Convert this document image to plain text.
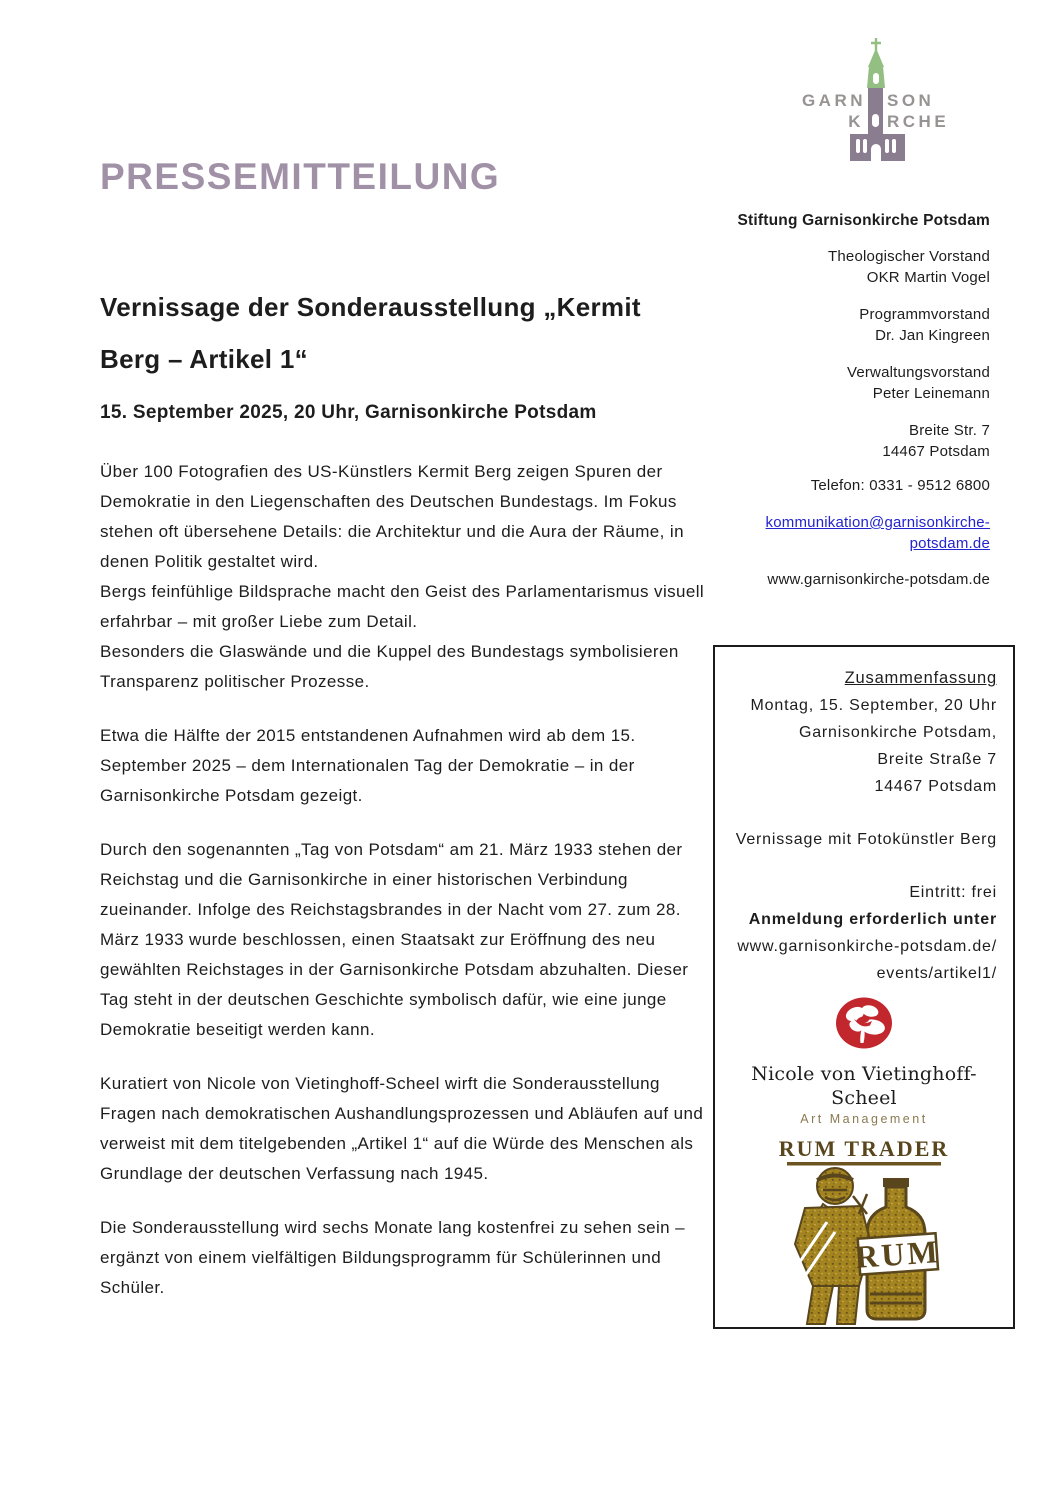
GARN SON
K RCHE
PRESSEMITTEILUNG
Vernissage der Sonderausstellung „Kermit Berg – Artikel 1“
15. September 2025, 20 Uhr, Garnisonkirche Potsdam
Über 100 Fotografien des US-Künstlers Kermit Berg zeigen Spuren der Demokratie in den Liegenschaften des Deutschen Bundestags. Im Fokus stehen oft übersehene Details: die Architektur und die Aura der Räume, in denen Politik gestaltet wird.
Bergs feinfühlige Bildsprache macht den Geist des Parlamentarismus visuell erfahrbar – mit großer Liebe zum Detail.
Besonders die Glaswände und die Kuppel des Bundestags symbolisieren Transparenz politischer Prozesse.
Etwa die Hälfte der 2015 entstandenen Aufnahmen wird ab dem 15. September 2025 – dem Internationalen Tag der Demokratie – in der Garnisonkirche Potsdam gezeigt.
Durch den sogenannten „Tag von Potsdam“ am 21. März 1933 stehen der Reichstag und die Garnisonkirche in einer historischen Verbindung zueinander. Infolge des Reichstagsbrandes in der Nacht vom 27. zum 28. März 1933 wurde beschlossen, einen Staatsakt zur Eröffnung des neu gewählten Reichstages in der Garnisonkirche Potsdam abzuhalten. Dieser Tag steht in der deutschen Geschichte symbolisch dafür, wie eine junge Demokratie beseitigt werden kann.
Kuratiert von Nicole von Vietinghoff-Scheel wirft die Sonderausstellung Fragen nach demokratischen Aushandlungsprozessen und Abläufen auf und verweist mit dem titelgebenden „Artikel 1“ auf die Würde des Menschen als Grundlage der deutschen Verfassung nach 1945.
Die Sonderausstellung wird sechs Monate lang kostenfrei zu sehen sein – ergänzt von einem vielfältigen Bildungsprogramm für Schülerinnen und Schüler.
Stiftung Garnisonkirche Potsdam
Theologischer Vorstand
OKR Martin Vogel
Programmvorstand
Dr. Jan Kingreen
Verwaltungsvorstand
Peter Leinemann
Breite Str. 7
14467 Potsdam
Telefon: 0331 - 9512 6800
kommunikation@garnisonkirche-
potsdam.de
www.garnisonkirche-potsdam.de
Zusammenfassung
Montag, 15. September, 20 Uhr
Garnisonkirche Potsdam,
Breite Straße 7
14467 Potsdam
Vernissage mit Fotokünstler Berg
Eintritt: frei
Anmeldung erforderlich unter
www.garnisonkirche-potsdam.de/
events/artikel1/
Nicole von Vietinghoff-Scheel
Art Management
RUM TRADER
RUM
